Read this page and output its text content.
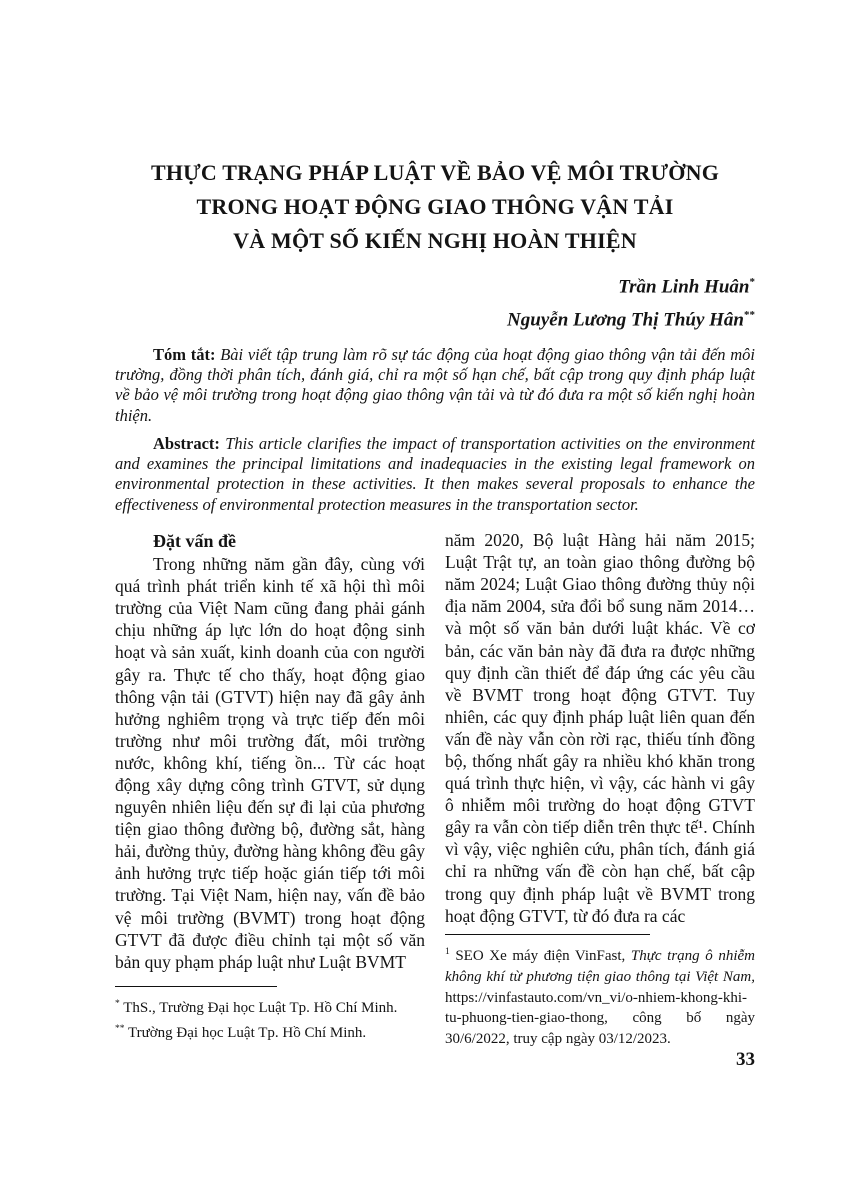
THỰC TRẠNG PHÁP LUẬT VỀ BẢO VỆ MÔI TRƯỜNG
TRONG HOẠT ĐỘNG GIAO THÔNG VẬN TẢI
VÀ MỘT SỐ KIẾN NGHỊ HOÀN THIỆN
Trần Linh Huân*
Nguyễn Lương Thị Thúy Hân**

Tóm tắt: Bài viết tập trung làm rõ sự tác động của hoạt động giao thông vận tải đến môi trường, đồng thời phân tích, đánh giá, chỉ ra một số hạn chế, bất cập trong quy định pháp luật về bảo vệ môi trường trong hoạt động giao thông vận tải và từ đó đưa ra một số kiến nghị hoàn thiện.

Abstract: This article clarifies the impact of transportation activities on the environment and examines the principal limitations and inadequacies in the existing legal framework on environmental protection in these activities. It then makes several proposals to enhance the effectiveness of environmental protection measures in the transportation sector.

Đặt vấn đề

Trong những năm gần đây, cùng với quá trình phát triển kinh tế xã hội thì môi trường của Việt Nam cũng đang phải gánh chịu những áp lực lớn do hoạt động sinh hoạt và sản xuất, kinh doanh của con người gây ra. Thực tế cho thấy, hoạt động giao thông vận tải (GTVT) hiện nay đã gây ảnh hưởng nghiêm trọng và trực tiếp đến môi trường như môi trường đất, môi trường nước, không khí, tiếng ồn... Từ các hoạt động xây dựng công trình GTVT, sử dụng nguyên nhiên liệu đến sự đi lại của phương tiện giao thông đường bộ, đường sắt, hàng hải, đường thủy, đường hàng không đều gây ảnh hưởng trực tiếp hoặc gián tiếp tới môi trường. Tại Việt Nam, hiện nay, vấn đề bảo vệ môi trường (BVMT) trong hoạt động GTVT đã được điều chỉnh tại một số văn bản quy phạm pháp luật như Luật BVMT

* ThS., Trường Đại học Luật Tp. Hồ Chí Minh.

** Trường Đại học Luật Tp. Hồ Chí Minh.

năm 2020, Bộ luật Hàng hải năm 2015; Luật Trật tự, an toàn giao thông đường bộ năm 2024; Luật Giao thông đường thủy nội địa năm 2004, sửa đổi bổ sung năm 2014… và một số văn bản dưới luật khác. Về cơ bản, các văn bản này đã đưa ra được những quy định cần thiết để đáp ứng các yêu cầu về BVMT trong hoạt động GTVT. Tuy nhiên, các quy định pháp luật liên quan đến vấn đề này vẫn còn rời rạc, thiếu tính đồng bộ, thống nhất gây ra nhiều khó khăn trong quá trình thực hiện, vì vậy, các hành vi gây ô nhiễm môi trường do hoạt động GTVT gây ra vẫn còn tiếp diễn trên thực tế¹. Chính vì vậy, việc nghiên cứu, phân tích, đánh giá chỉ ra những vấn đề còn hạn chế, bất cập trong quy định pháp luật về BVMT trong hoạt động GTVT, từ đó đưa ra các

$^1$ SEO Xe máy điện VinFast, Thực trạng ô nhiễm không khí từ phương tiện giao thông tại Việt Nam, https://vinfastauto.com/vn_vi/o-nhiem-khong-khi-tu-phuong-tien-giao-thong, công bố ngày 30/6/2022, truy cập ngày 03/12/2023.

33
